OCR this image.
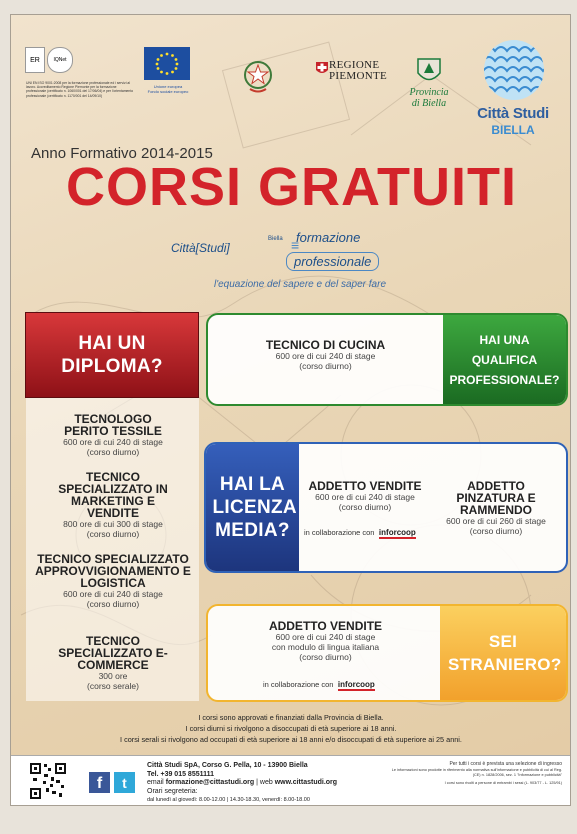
ER	IQNet
UNI EN ISO 9001:2008 per la formazione professionale ed i servizi al lavoro. Accreditamento Regione Piemonte per la formazione professionale (certificato n. 1060/001 del 17/06/04) e per l'orientamento professionale (certificato n. 1170/001 del 14/09/10)
Unione europea
Fondo sociale europeo
REGIONE
PIEMONTE
Provincia
di Biella
Città Studi
BIELLA
Anno Formativo 2014-2015
CORSI GRATUITI
Città[Studi]
Biella ≡
formazione
professionale
l'equazione del sapere e del saper fare
HAI UN DIPLOMA?
TECNOLOGO PERITO TESSILE
600 ore di cui 240 di stage
(corso diurno)
TECNICO SPECIALIZZATO IN MARKETING E VENDITE
800 ore di cui 300 di stage
(corso diurno)
TECNICO SPECIALIZZATO APPROVVIGIONAMENTO E LOGISTICA
600 ore di cui 240 di stage
(corso diurno)
TECNICO SPECIALIZZATO E-COMMERCE
300 ore
(corso serale)
TECNICO DI CUCINA
600 ore di cui 240 di stage
(corso diurno)
HAI UNA QUALIFICA PROFESSIONALE?
HAI LA LICENZA MEDIA?
ADDETTO VENDITE
600 ore di cui 240 di stage
(corso diurno)
in collaborazione con inforcoop
ADDETTO PINZATURA E RAMMENDO
600 ore di cui 260 di stage
(corso diurno)
ADDETTO VENDITE
600 ore di cui 240 di stage
con modulo di lingua italiana
(corso diurno)
in collaborazione con inforcoop
SEI STRANIERO?
I corsi sono approvati e finanziati dalla Provincia di Biella.
I corsi diurni si rivolgono a disoccupati di età superiore ai 18 anni.
I corsi serali si rivolgono ad occupati di età superiore ai 18 anni e/o disoccupati di età superiore ai 25 anni.
f	t
Città Studi SpA, Corso G. Pella, 10 - 13900 Biella
Tel. +39 015 8551111
email formazione@cittastudi.org | web www.cittastudi.org
Orari segreteria:
dal lunedì al giovedì: 8.00-12.00 | 14.30-18.30, venerdì: 8.00-18.00
Per tutti i corsi è prevista una selezione di ingresso
Le informazioni sono prodotte in riferimento alla normativa sull'informazione e pubblicità di cui al Reg. (CE) n. 1828/2006, sez. 1 "Informazione e pubblicità"
I corsi sono rivolti a persone di entrambi i sessi (L. 903/77 - L. 125/91)
